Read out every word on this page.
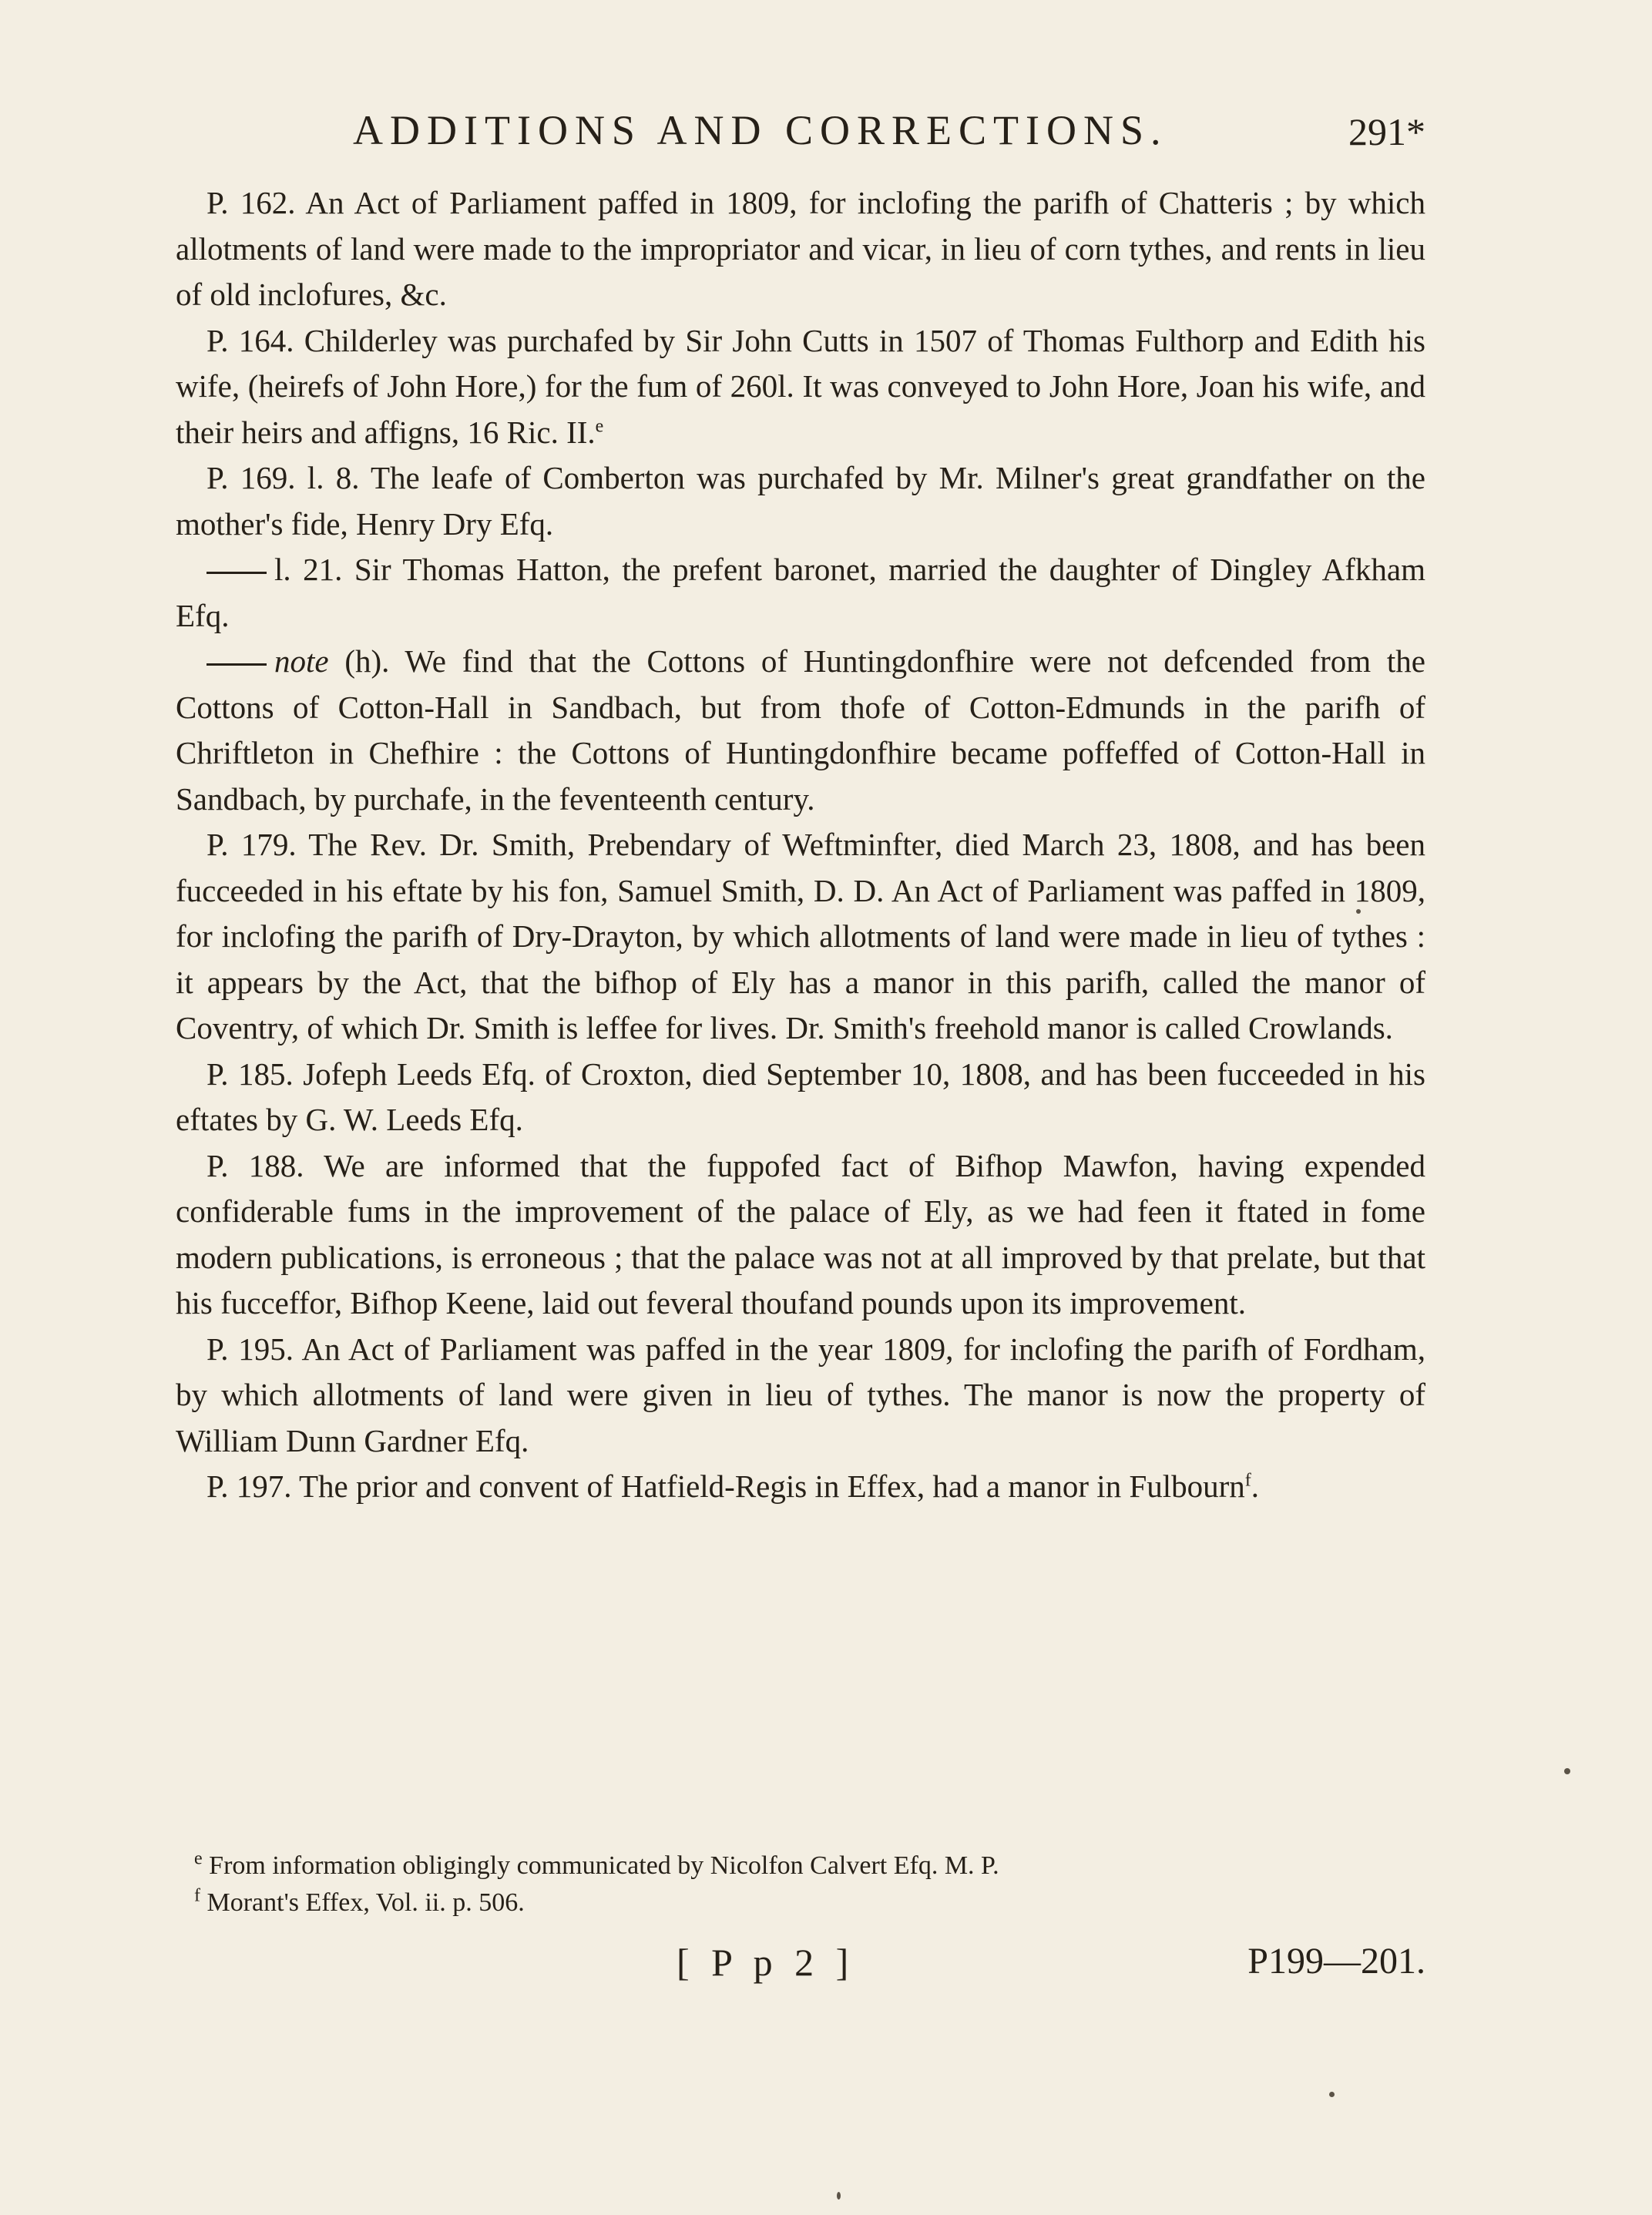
ADDITIONS AND CORRECTIONS.	291*

P. 162. An Act of Parliament paffed in 1809, for inclofing the parifh of Chatteris ; by which allotments of land were made to the impropriator and vicar, in lieu of corn tythes, and rents in lieu of old inclofures, &c.

P. 164. Childerley was purchafed by Sir John Cutts in 1507 of Thomas Fulthorp and Edith his wife, (heirefs of John Hore,) for the fum of 260l. It was conveyed to John Hore, Joan his wife, and their heirs and affigns, 16 Ric. II.$^e$

P. 169. l. 8. The leafe of Comberton was purchafed by Mr. Milner's great grandfather on the mother's fide, Henry Dry Efq.

l. 21. Sir Thomas Hatton, the prefent baronet, married the daughter of Dingley Afkham Efq.

note (h). We find that the Cottons of Huntingdonfhire were not defcended from the Cottons of Cotton-Hall in Sandbach, but from thofe of Cotton-Edmunds in the parifh of Chriftleton in Chefhire : the Cottons of Huntingdonfhire became poffeffed of Cotton-Hall in Sandbach, by purchafe, in the feventeenth century.

P. 179. The Rev. Dr. Smith, Prebendary of Weftminfter, died March 23, 1808, and has been fucceeded in his eftate by his fon, Samuel Smith, D. D. An Act of Parliament was paffed in 1809, for inclofing the parifh of Dry-Drayton, by which allotments of land were made in lieu of tythes : it appears by the Act, that the bifhop of Ely has a manor in this parifh, called the manor of Coventry, of which Dr. Smith is leffee for lives. Dr. Smith's freehold manor is called Crowlands.

P. 185. Jofeph Leeds Efq. of Croxton, died September 10, 1808, and has been fucceeded in his eftates by G. W. Leeds Efq.

P. 188. We are informed that the fuppofed fact of Bifhop Mawfon, having expended confiderable fums in the improvement of the palace of Ely, as we had feen it ftated in fome modern publications, is erroneous ; that the palace was not at all improved by that prelate, but that his fucceffor, Bifhop Keene, laid out feveral thoufand pounds upon its improvement.

P. 195. An Act of Parliament was paffed in the year 1809, for inclofing the parifh of Fordham, by which allotments of land were given in lieu of tythes. The manor is now the property of William Dunn Gardner Efq.

P. 197. The prior and convent of Hatfield-Regis in Effex, had a manor in Fulbourn$^f$.

$^e$ From information obligingly communicated by Nicolfon Calvert Efq. M. P.

$^f$ Morant's Effex, Vol. ii. p. 506.

[ P p 2 ]	P199—201.
